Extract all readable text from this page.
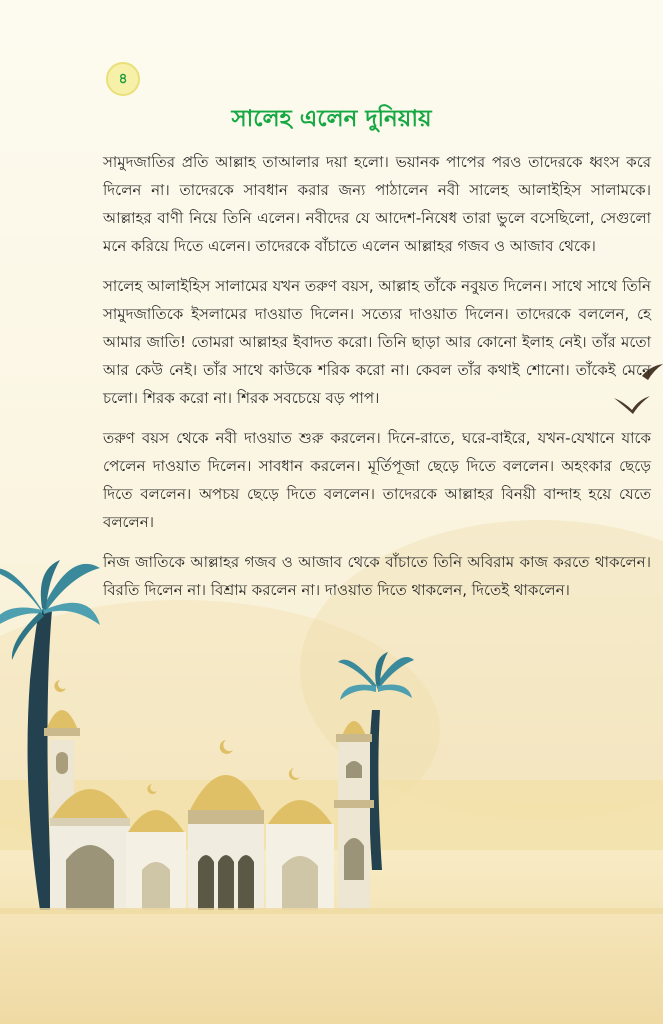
৪
সালেহ এলেন দুনিয়ায়

সামুদজাতির প্রতি আল্লাহ তাআলার দয়া হলো। ভয়ানক পাপের পরও তাদেরকে ধ্বংস করে দিলেন না। তাদেরকে সাবধান করার জন্য পাঠালেন নবী সালেহ আলাইহিস সালামকে। আল্লাহর বাণী নিয়ে তিনি এলেন। নবীদের যে আদেশ-নিষেধ তারা ভুলে বসেছিলো, সেগুলো মনে করিয়ে দিতে এলেন। তাদেরকে বাঁচাতে এলেন আল্লাহর গজব ও আজাব থেকে।

সালেহ আলাইহিস সালামের যখন তরুণ বয়স, আল্লাহ তাঁকে নবুয়ত দিলেন। সাথে সাথে তিনি সামুদজাতিকে ইসলামের দাওয়াত দিলেন। সত্যের দাওয়াত দিলেন। তাদেরকে বললেন, হে আমার জাতি! তোমরা আল্লাহর ইবাদত করো। তিনি ছাড়া আর কোনো ইলাহ নেই। তাঁর মতো আর কেউ নেই। তাঁর সাথে কাউকে শরিক করো না। কেবল তাঁর কথাই শোনো। তাঁকেই মেনে চলো। শিরক করো না। শিরক সবচেয়ে বড় পাপ।

তরুণ বয়স থেকে নবী দাওয়াত শুরু করলেন। দিনে-রাতে, ঘরে-বাইরে, যখন-যেখানে যাকে পেলেন দাওয়াত দিলেন। সাবধান করলেন। মূর্তিপূজা ছেড়ে দিতে বললেন। অহংকার ছেড়ে দিতে বললেন। অপচয় ছেড়ে দিতে বললেন। তাদেরকে আল্লাহর বিনয়ী বান্দাহ হয়ে যেতে বললেন।

নিজ জাতিকে আল্লাহর গজব ও আজাব থেকে বাঁচাতে তিনি অবিরাম কাজ করতে থাকলেন। বিরতি দিলেন না। বিশ্রাম করলেন না। দাওয়াত দিতে থাকলেন, দিতেই থাকলেন।
